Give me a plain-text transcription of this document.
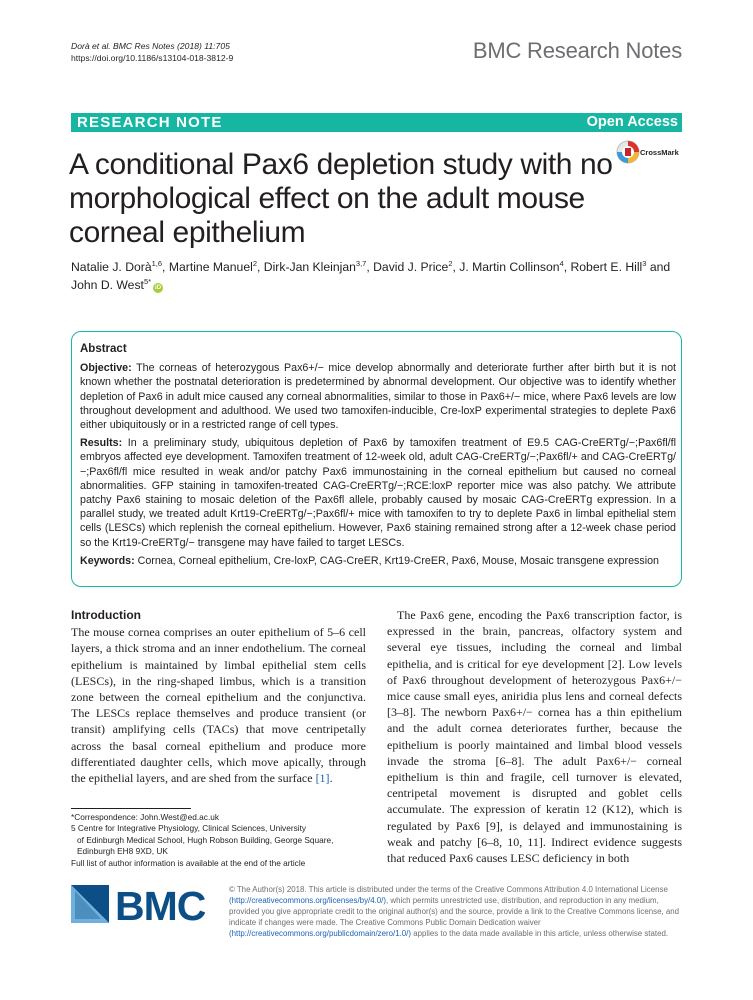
Dorà et al. BMC Res Notes (2018) 11:705
https://doi.org/10.1186/s13104-018-3812-9	BMC Research Notes
RESEARCH NOTE	Open Access
CrossMark
A conditional Pax6 depletion study with no morphological effect on the adult mouse corneal epithelium
Natalie J. Dorà$^{1,6}$, Martine Manuel$^2$, Dirk-Jan Kleinjan$^{3,7}$, David J. Price$^2$, J. Martin Collinson$^4$, Robert E. Hill$^3$ and John D. West$^{5*}$iD
Abstract

Objective: The corneas of heterozygous Pax6+/− mice develop abnormally and deteriorate further after birth but it is not known whether the postnatal deterioration is predetermined by abnormal development. Our objective was to identify whether depletion of Pax6 in adult mice caused any corneal abnormalities, similar to those in Pax6+/− mice, where Pax6 levels are low throughout development and adulthood. We used two tamoxifen-inducible, Cre-loxP experimental strategies to deplete Pax6 either ubiquitously or in a restricted range of cell types.

Results: In a preliminary study, ubiquitous depletion of Pax6 by tamoxifen treatment of E9.5 CAG-CreERTg/−;Pax6fl/fl embryos affected eye development. Tamoxifen treatment of 12-week old, adult CAG-CreERTg/−;Pax6fl/+ and CAG-CreERTg/−;Pax6fl/fl mice resulted in weak and/or patchy Pax6 immunostaining in the corneal epithelium but caused no corneal abnormalities. GFP staining in tamoxifen-treated CAG-CreERTg/−;RCE:loxP reporter mice was also patchy. We attribute patchy Pax6 staining to mosaic deletion of the Pax6fl allele, probably caused by mosaic CAG-CreERTg expression. In a parallel study, we treated adult Krt19-CreERTg/−;Pax6fl/+ mice with tamoxifen to try to deplete Pax6 in limbal epithelial stem cells (LESCs) which replenish the corneal epithelium. However, Pax6 staining remained strong after a 12-week chase period so the Krt19-CreERTg/− transgene may have failed to target LESCs.

Keywords: Cornea, Corneal epithelium, Cre-loxP, CAG-CreER, Krt19-CreER, Pax6, Mouse, Mosaic transgene expression

Introduction

The mouse cornea comprises an outer epithelium of 5–6 cell layers, a thick stroma and an inner endothelium. The corneal epithelium is maintained by limbal epithelial stem cells (LESCs), in the ring-shaped limbus, which is a transition zone between the corneal epithelium and the conjunctiva. The LESCs replace themselves and produce transient (or transit) amplifying cells (TACs) that move centripetally across the basal corneal epithelium and produce more differentiated daughter cells, which move apically, through the epithelial layers, and are shed from the surface [1].

The Pax6 gene, encoding the Pax6 transcription factor, is expressed in the brain, pancreas, olfactory system and several eye tissues, including the corneal and limbal epithelia, and is critical for eye development [2]. Low levels of Pax6 throughout development of heterozygous Pax6+/− mice cause small eyes, aniridia plus lens and corneal defects [3–8]. The newborn Pax6+/− cornea has a thin epithelium and the adult cornea deteriorates further, because the epithelium is poorly maintained and limbal blood vessels invade the stroma [6–8]. The adult Pax6+/− corneal epithelium is thin and fragile, cell turnover is elevated, centripetal movement is disrupted and goblet cells accumulate. The expression of keratin 12 (K12), which is regulated by Pax6 [9], is delayed and immunostaining is weak and patchy [6–8, 10, 11]. Indirect evidence suggests that reduced Pax6 causes LESC deficiency in both

*Correspondence: John.West@ed.ac.uk
5 Centre for Integrative Physiology, Clinical Sciences, University
of Edinburgh Medical School, Hugh Robson Building, George Square,
Edinburgh EH8 9XD, UK
Full list of author information is available at the end of the article
BMC	© The Author(s) 2018. This article is distributed under the terms of the Creative Commons Attribution 4.0 International License (http://creativecommons.org/licenses/by/4.0/), which permits unrestricted use, distribution, and reproduction in any medium, provided you give appropriate credit to the original author(s) and the source, provide a link to the Creative Commons license, and indicate if changes were made. The Creative Commons Public Domain Dedication waiver (http://creativecommons.org/publicdomain/zero/1.0/) applies to the data made available in this article, unless otherwise stated.
